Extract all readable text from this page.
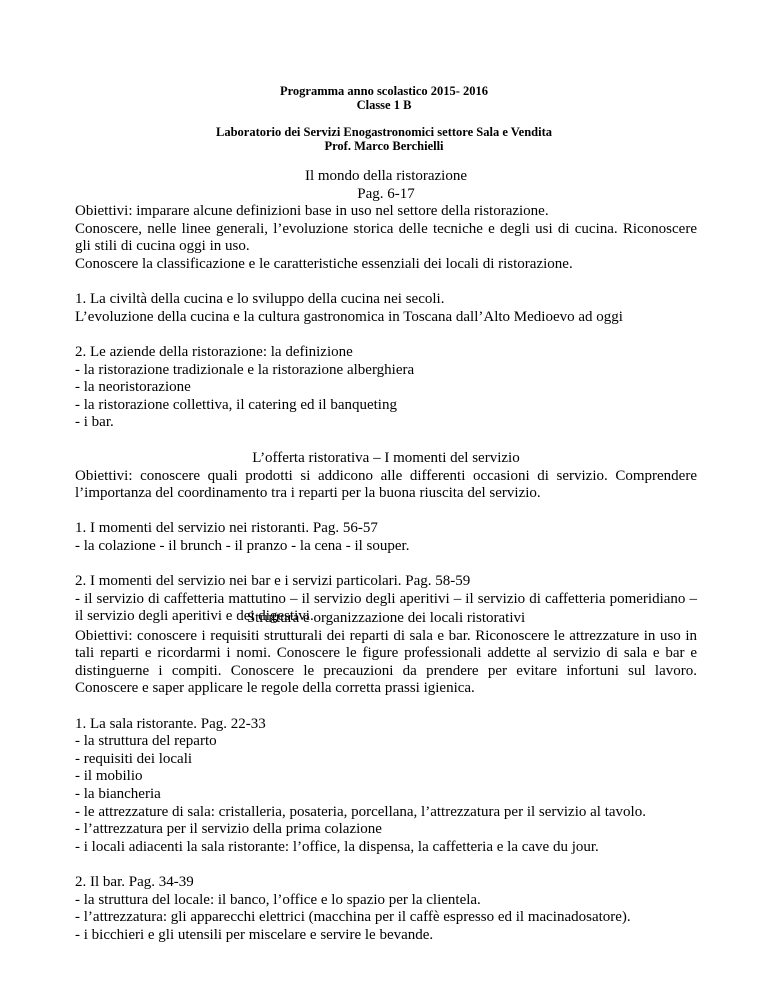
Programma anno scolastico 2015- 2016
Classe 1 B
Laboratorio dei Servizi Enogastronomici settore Sala e Vendita
Prof. Marco Berchielli

Il mondo della ristorazione

Pag. 6-17

Obiettivi: imparare alcune definizioni base in uso nel settore della ristorazione.

Conoscere, nelle linee generali, l’evoluzione storica delle tecniche e degli usi di cucina. Riconoscere gli stili di cucina oggi in uso.

Conoscere la classificazione e le caratteristiche essenziali dei locali di ristorazione.

1. La civiltà della cucina e lo sviluppo della cucina nei secoli.

L’evoluzione della cucina e la cultura gastronomica in Toscana dall’Alto Medioevo ad oggi

2. Le aziende della ristorazione: la definizione

- la ristorazione tradizionale e la ristorazione alberghiera

- la neoristorazione

- la ristorazione collettiva, il catering ed il banqueting

- i bar.

L’offerta ristorativa – I momenti del servizio

Obiettivi: conoscere quali prodotti si addicono alle differenti occasioni di servizio. Comprendere l’importanza del coordinamento tra i reparti per la buona riuscita del servizio.

1. I momenti del servizio nei ristoranti. Pag. 56-57

- la colazione - il brunch - il pranzo - la cena - il souper.

2. I momenti del servizio nei bar e i servizi particolari. Pag. 58-59

- il servizio di caffetteria mattutino – il servizio degli aperitivi – il servizio di caffetteria pomeridiano – il servizio degli aperitivi e dei digestivi.

Struttura e organizzazione dei locali ristorativi

Obiettivi: conoscere i requisiti strutturali dei reparti di sala e bar. Riconoscere le attrezzature in uso in tali reparti e ricordarmi i nomi. Conoscere le figure professionali addette al servizio di sala e bar e distinguerne i compiti. Conoscere le precauzioni da prendere per evitare infortuni sul lavoro. Conoscere e saper applicare le regole della corretta prassi igienica.

1. La sala ristorante. Pag. 22-33

- la struttura del reparto

- requisiti dei locali

- il mobilio

- la biancheria

- le attrezzature di sala: cristalleria, posateria, porcellana, l’attrezzatura per il servizio al tavolo.

- l’attrezzatura per il servizio della prima colazione

- i locali adiacenti la sala ristorante: l’office, la dispensa, la caffetteria e la cave du jour.

2. Il bar. Pag. 34-39

- la struttura del locale: il banco, l’office e lo spazio per la clientela.

- l’attrezzatura: gli apparecchi elettrici (macchina per il caffè espresso ed il macinadosatore).

- i bicchieri e gli utensili per miscelare e servire le bevande.
